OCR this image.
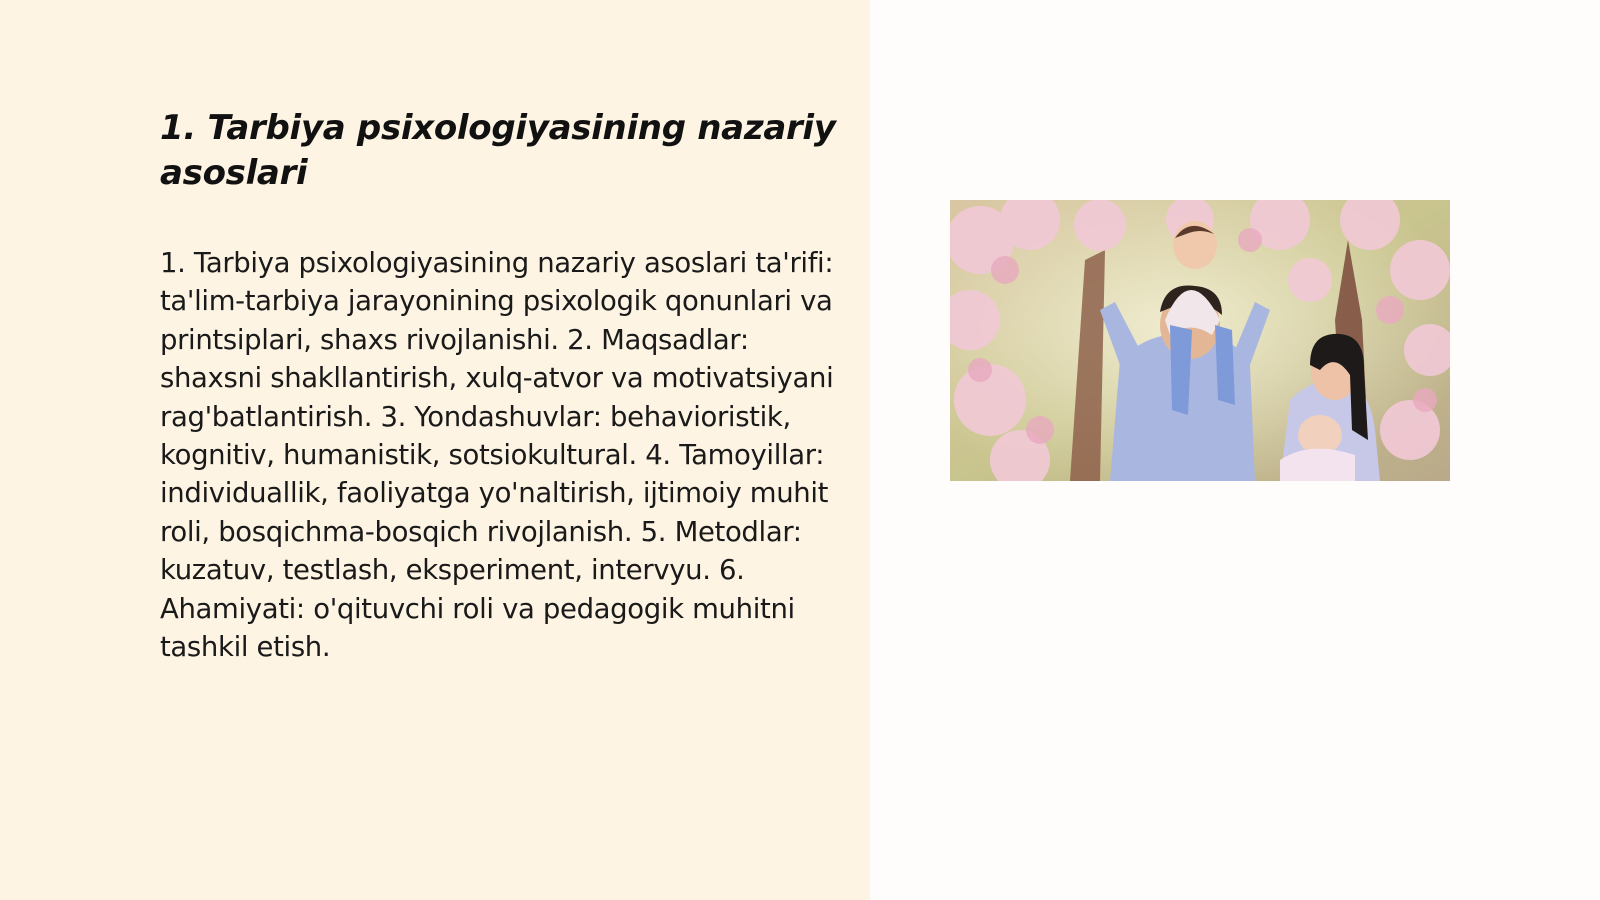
1. Tarbiya psixologiyasining nazariy asoslari

1. Tarbiya psixologiyasining nazariy asoslari ta'rifi: ta'lim-tarbiya jarayonining psixologik qonunlari va printsiplari, shaxs rivojlanishi. 2. Maqsadlar: shaxsni shakllantirish, xulq-atvor va motivatsiyani rag'batlantirish. 3. Yondashuvlar: behavioristik, kognitiv, humanistik, sotsiokultural. 4. Tamoyillar: individuallik, faoliyatga yo'naltirish, ijtimoiy muhit roli, bosqichma-bosqich rivojlanish. 5. Metodlar: kuzatuv, testlash, eksperiment, intervyu. 6. Ahamiyati: o'qituvchi roli va pedagogik muhitni tashkil etish.
